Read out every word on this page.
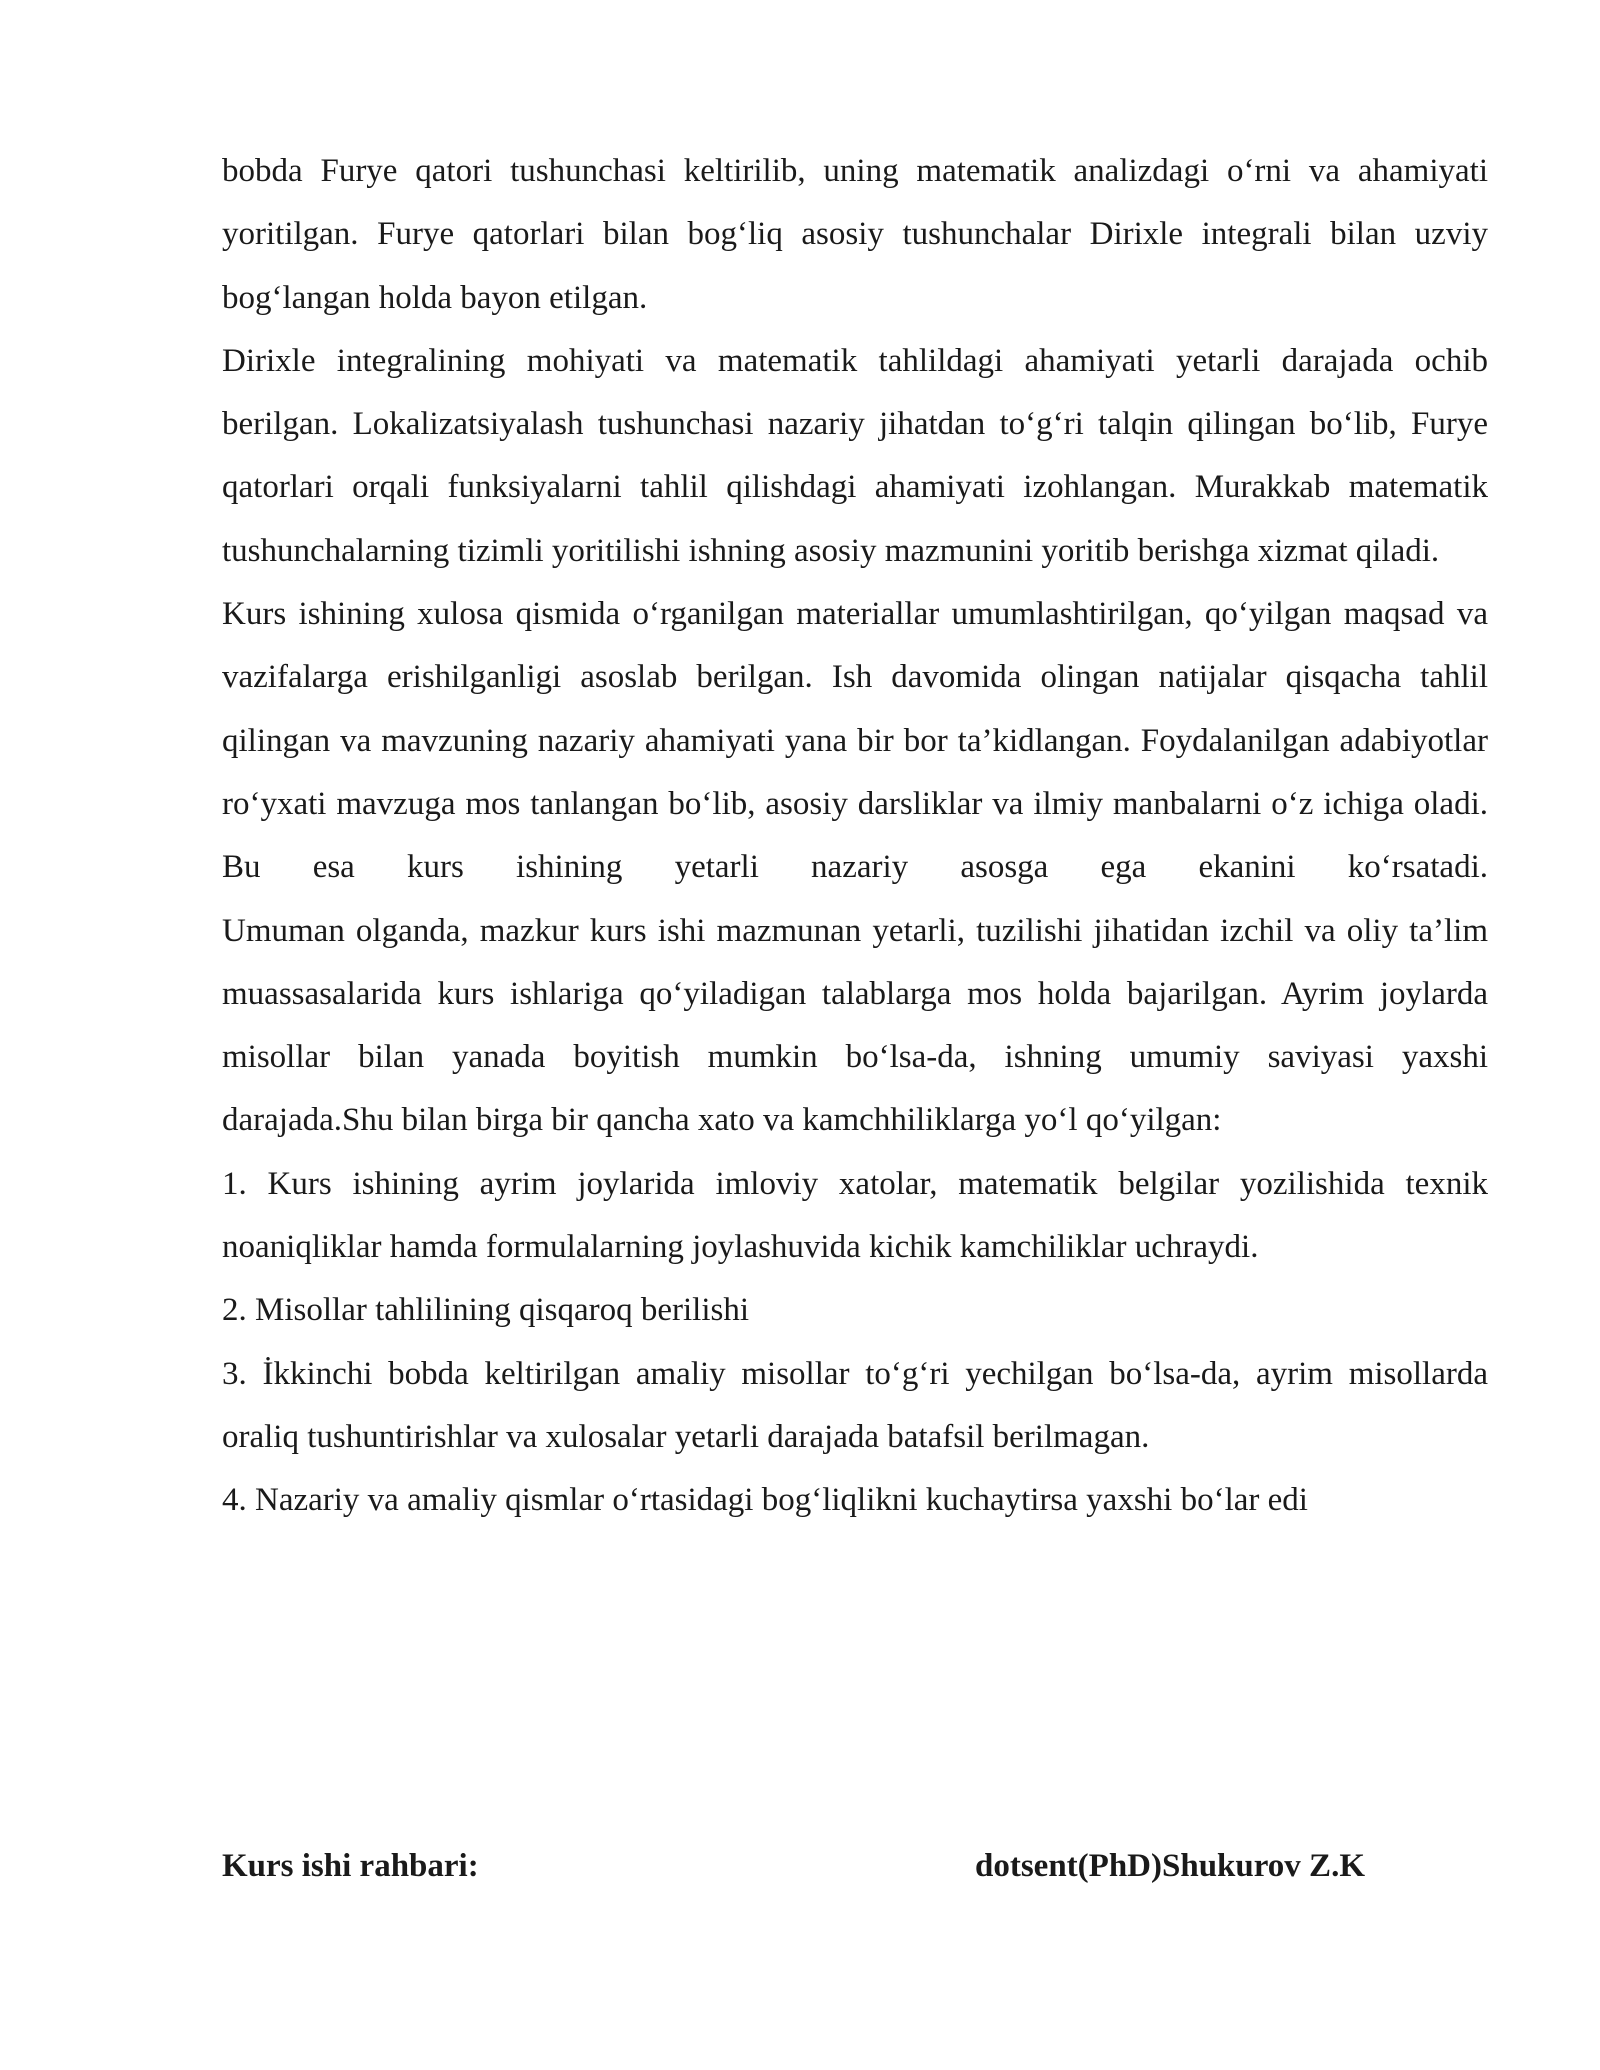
bobda Furye qatori tushunchasi keltirilib, uning matematik analizdagi o‘rni va ahamiyati yoritilgan. Furye qatorlari bilan bog‘liq asosiy tushunchalar Dirixle integrali bilan uzviy bog‘langan holda bayon etilgan.

Dirixle integralining mohiyati va matematik tahlildagi ahamiyati yetarli darajada ochib berilgan. Lokalizatsiyalash tushunchasi nazariy jihatdan to‘g‘ri talqin qilingan bo‘lib, Furye qatorlari orqali funksiyalarni tahlil qilishdagi ahamiyati izohlangan. Murakkab matematik tushunchalarning tizimli yoritilishi ishning asosiy mazmunini yoritib berishga xizmat qiladi.

Kurs ishining xulosa qismida o‘rganilgan materiallar umumlashtirilgan, qo‘yilgan maqsad va vazifalarga erishilganligi asoslab berilgan. Ish davomida olingan natijalar qisqacha tahlil qilingan va mavzuning nazariy ahamiyati yana bir bor ta’kidlangan. Foydalanilgan adabiyotlar ro‘yxati mavzuga mos tanlangan bo‘lib, asosiy darsliklar va ilmiy manbalarni o‘z ichiga oladi. Bu esa kurs ishining yetarli nazariy asosga ega ekanini ko‘rsatadi.

Umuman olganda, mazkur kurs ishi mazmunan yetarli, tuzilishi jihatidan izchil va oliy ta’lim muassasalarida kurs ishlariga qo‘yiladigan talablarga mos holda bajarilgan. Ayrim joylarda misollar bilan yanada boyitish mumkin bo‘lsa-da, ishning umumiy saviyasi yaxshi darajada.Shu bilan birga bir qancha xato va kamchhiliklarga yo‘l qo‘yilgan:

1. Kurs ishining ayrim joylarida imloviy xatolar, matematik belgilar yozilishida texnik noaniqliklar hamda formulalarning joylashuvida kichik kamchiliklar uchraydi.

2. Misollar tahlilining qisqaroq berilishi

3. İkkinchi bobda keltirilgan amaliy misollar to‘g‘ri yechilgan bo‘lsa-da, ayrim misollarda oraliq tushuntirishlar va xulosalar yetarli darajada batafsil berilmagan.

4. Nazariy va amaliy qismlar o‘rtasidagi bog‘liqlikni kuchaytirsa yaxshi bo‘lar edi

Kurs ishi rahbari:	dotsent(PhD)Shukurov Z.K
